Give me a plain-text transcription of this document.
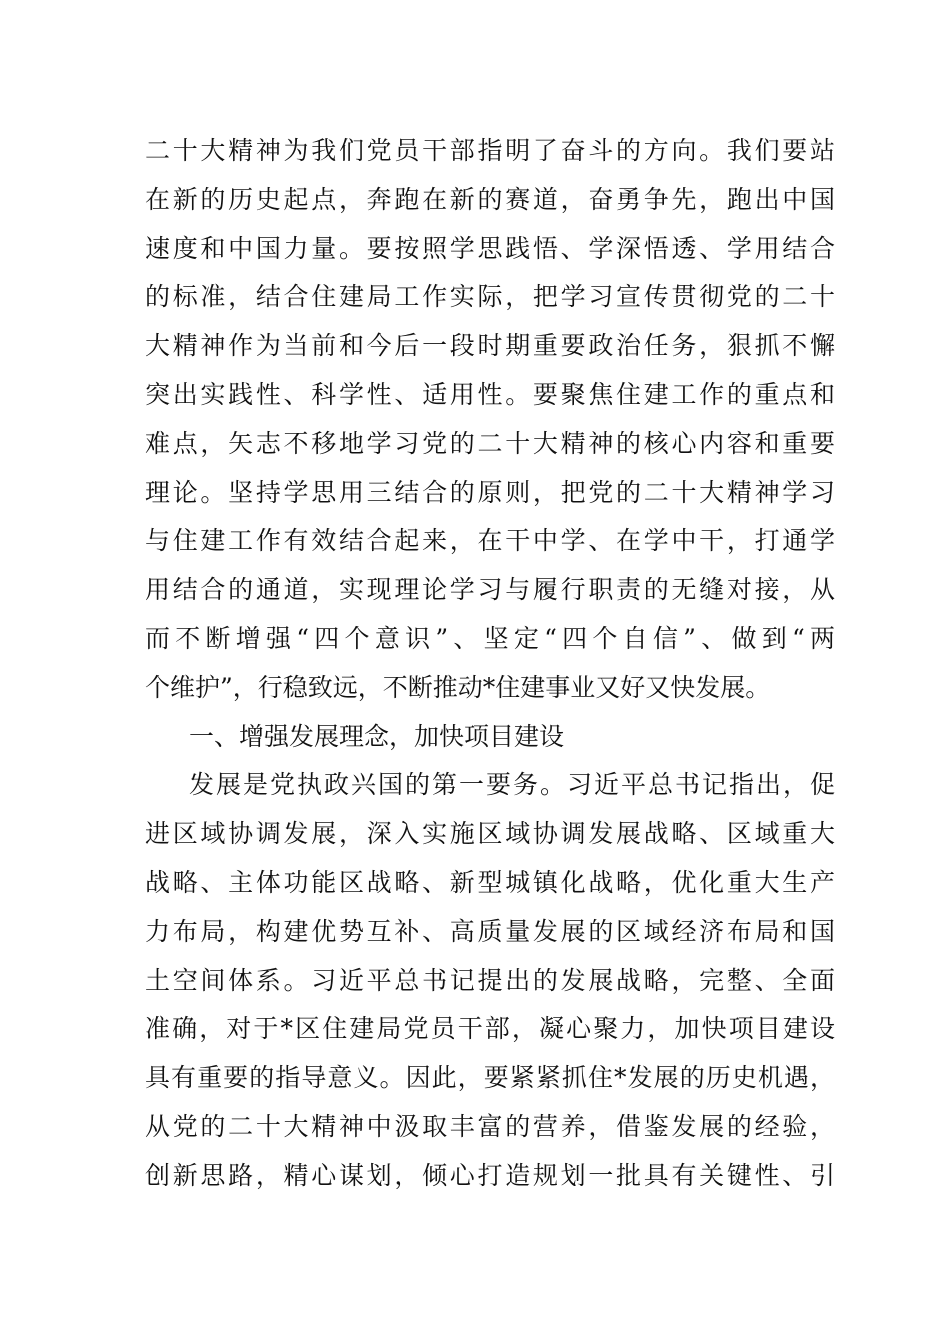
二十大精神为我们党员干部指明了奋斗的方向。我们要站
在新的历史起点，奔跑在新的赛道，奋勇争先，跑出中国
速度和中国力量。要按照学思践悟、学深悟透、学用结合
的标准，结合住建局工作实际，把学习宣传贯彻党的二十
大精神作为当前和今后一段时期重要政治任务，狠抓不懈
突出实践性、科学性、适用性。要聚焦住建工作的重点和
难点，矢志不移地学习党的二十大精神的核心内容和重要
理论。坚持学思用三结合的原则，把党的二十大精神学习
与住建工作有效结合起来，在干中学、在学中干，打通学
用结合的通道，实现理论学习与履行职责的无缝对接，从
而不断增强“四个意识”、坚定“四个自信”、做到“两
个维护”，行稳致远，不断推动*住建事业又好又快发展。
一、增强发展理念，加快项目建设
发展是党执政兴国的第一要务。习近平总书记指出，促
进区域协调发展，深入实施区域协调发展战略、区域重大
战略、主体功能区战略、新型城镇化战略，优化重大生产
力布局，构建优势互补、高质量发展的区域经济布局和国
土空间体系。习近平总书记提出的发展战略，完整、全面
准确，对于*区住建局党员干部，凝心聚力，加快项目建设
具有重要的指导意义。因此，要紧紧抓住*发展的历史机遇，
从党的二十大精神中汲取丰富的营养，借鉴发展的经验，
创新思路，精心谋划，倾心打造规划一批具有关键性、引
